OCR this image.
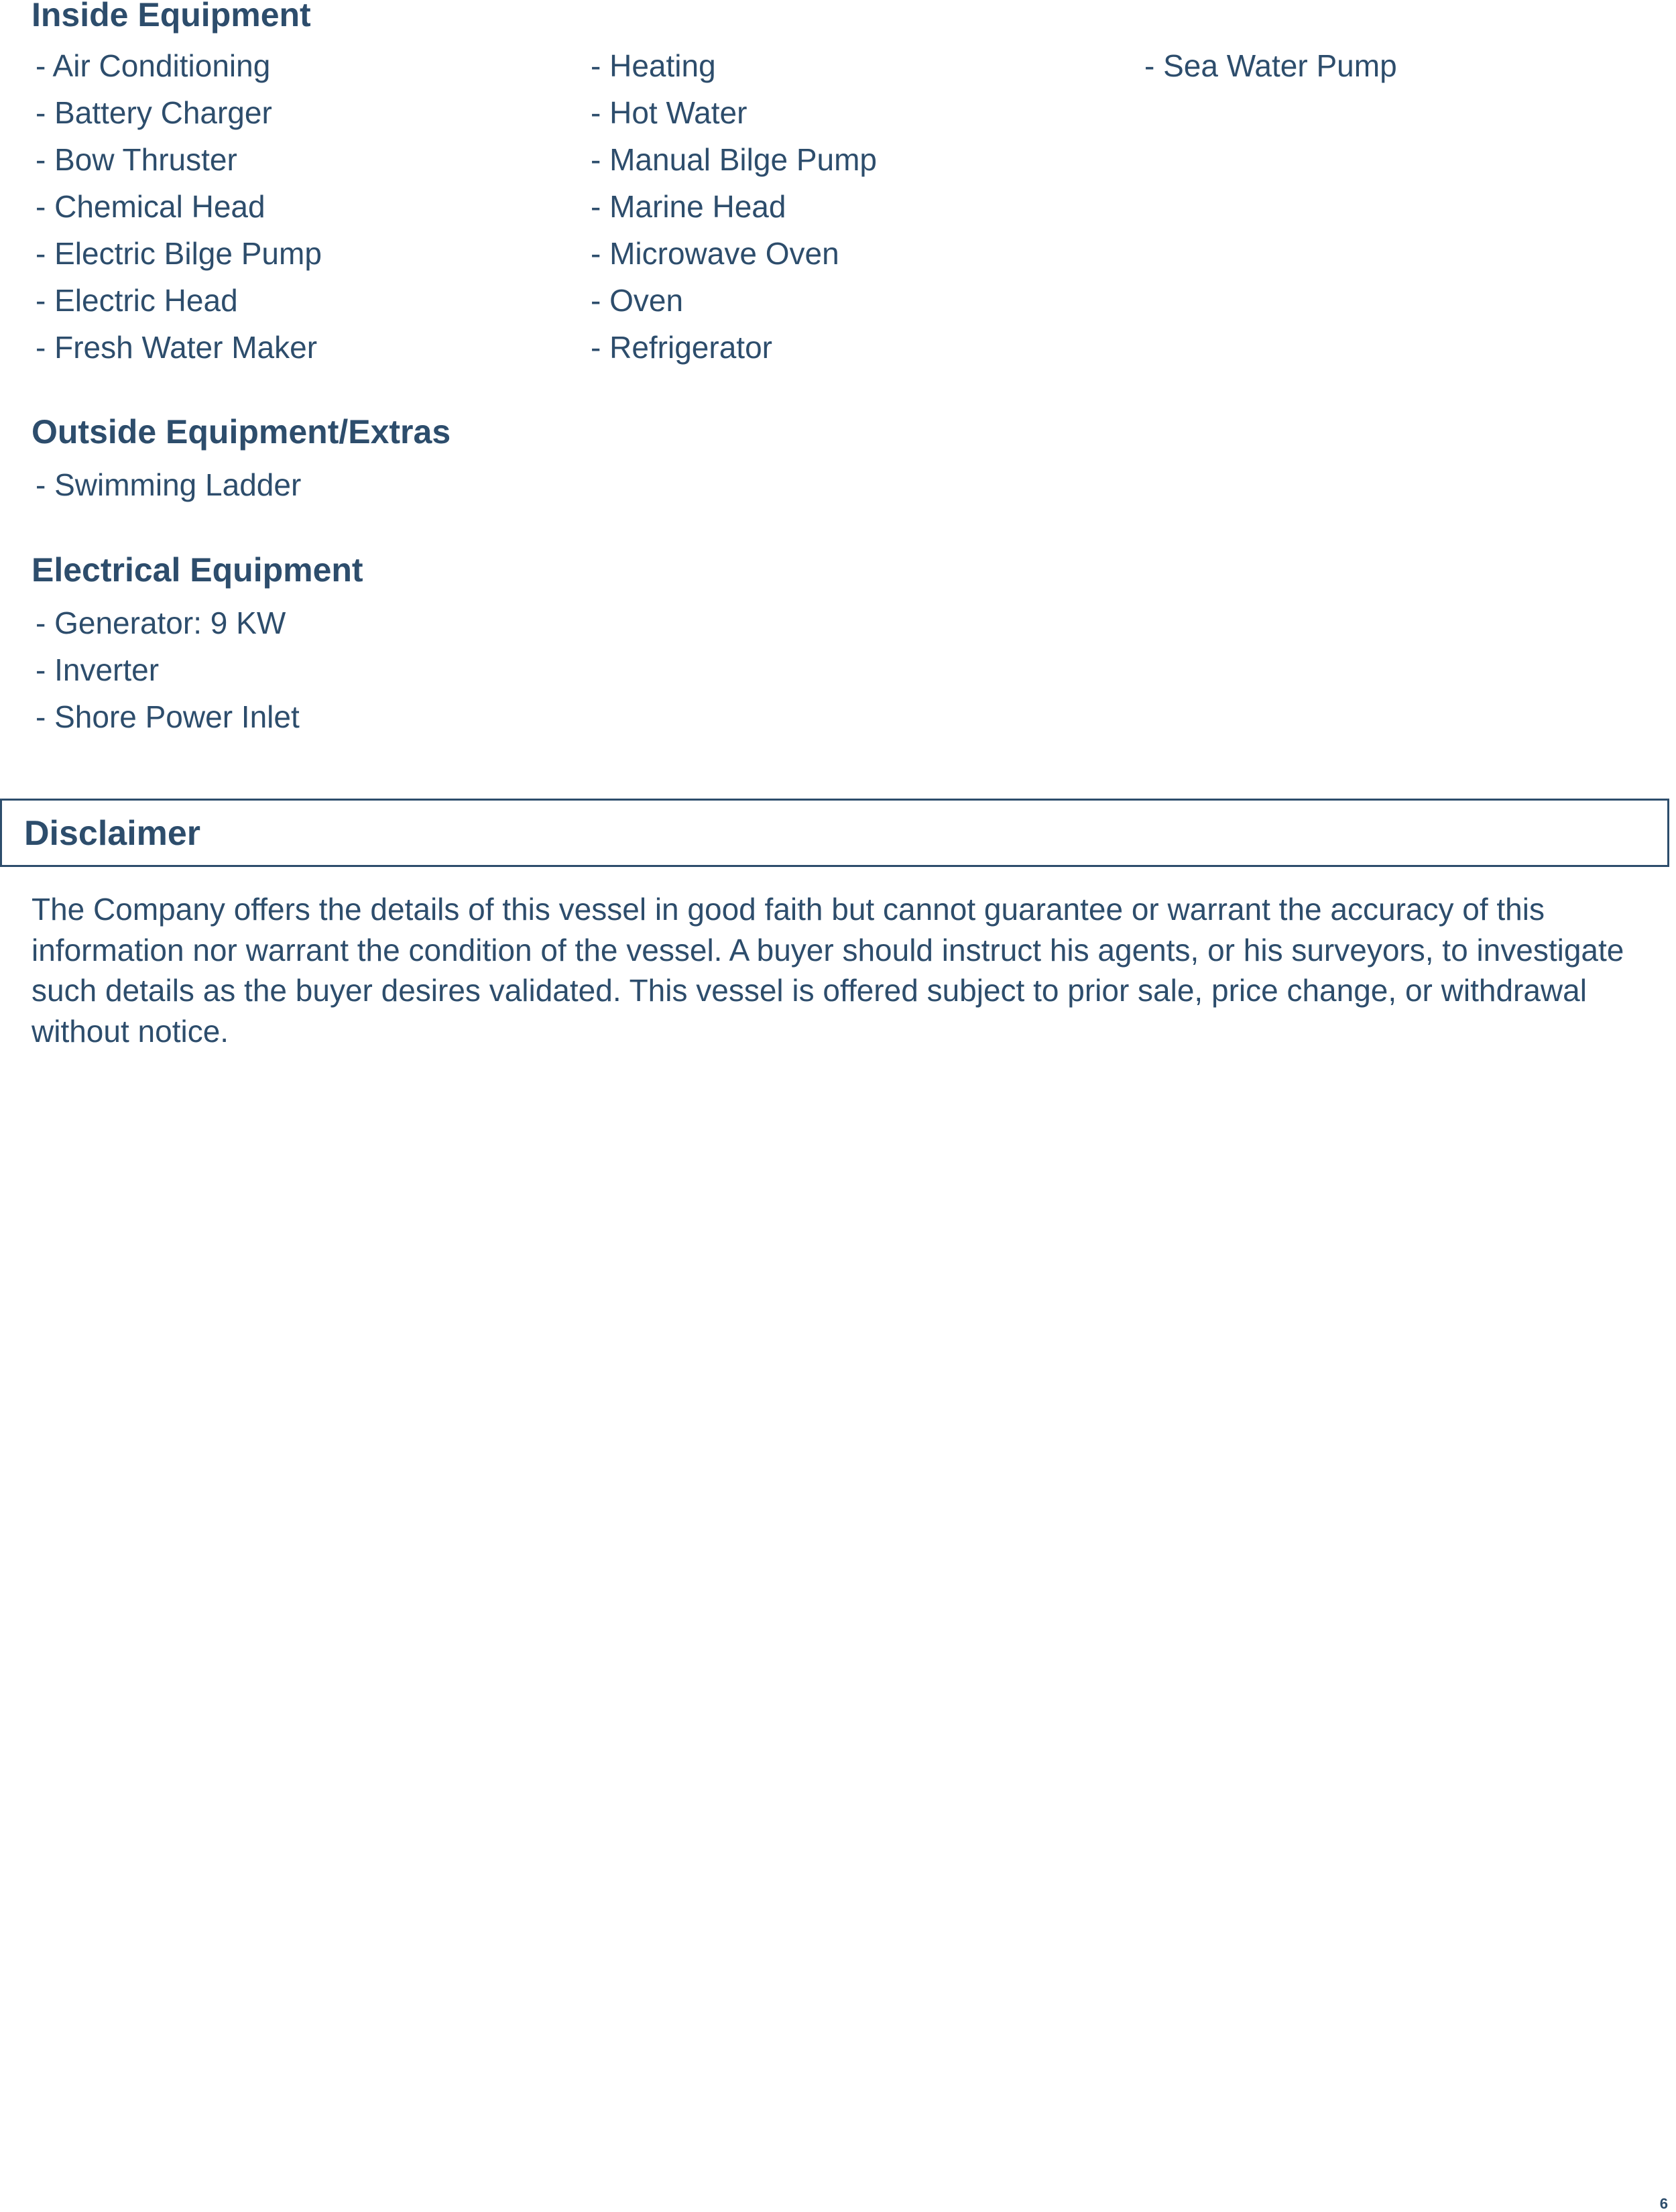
Inside Equipment
- Air Conditioning
- Battery Charger
- Bow Thruster
- Chemical Head
- Electric Bilge Pump
- Electric Head
- Fresh Water Maker
- Heating
- Hot Water
- Manual Bilge Pump
- Marine Head
- Microwave Oven
- Oven
- Refrigerator
- Sea Water Pump
Outside Equipment/Extras
- Swimming Ladder
Electrical Equipment
- Generator: 9 KW
- Inverter
- Shore Power Inlet
Disclaimer

The Company offers the details of this vessel in good faith but cannot guarantee or warrant the accuracy of this information nor warrant the condition of the vessel. A buyer should instruct his agents, or his surveyors, to investigate such details as the buyer desires validated. This vessel is offered subject to prior sale, price change, or withdrawal without notice.

6
